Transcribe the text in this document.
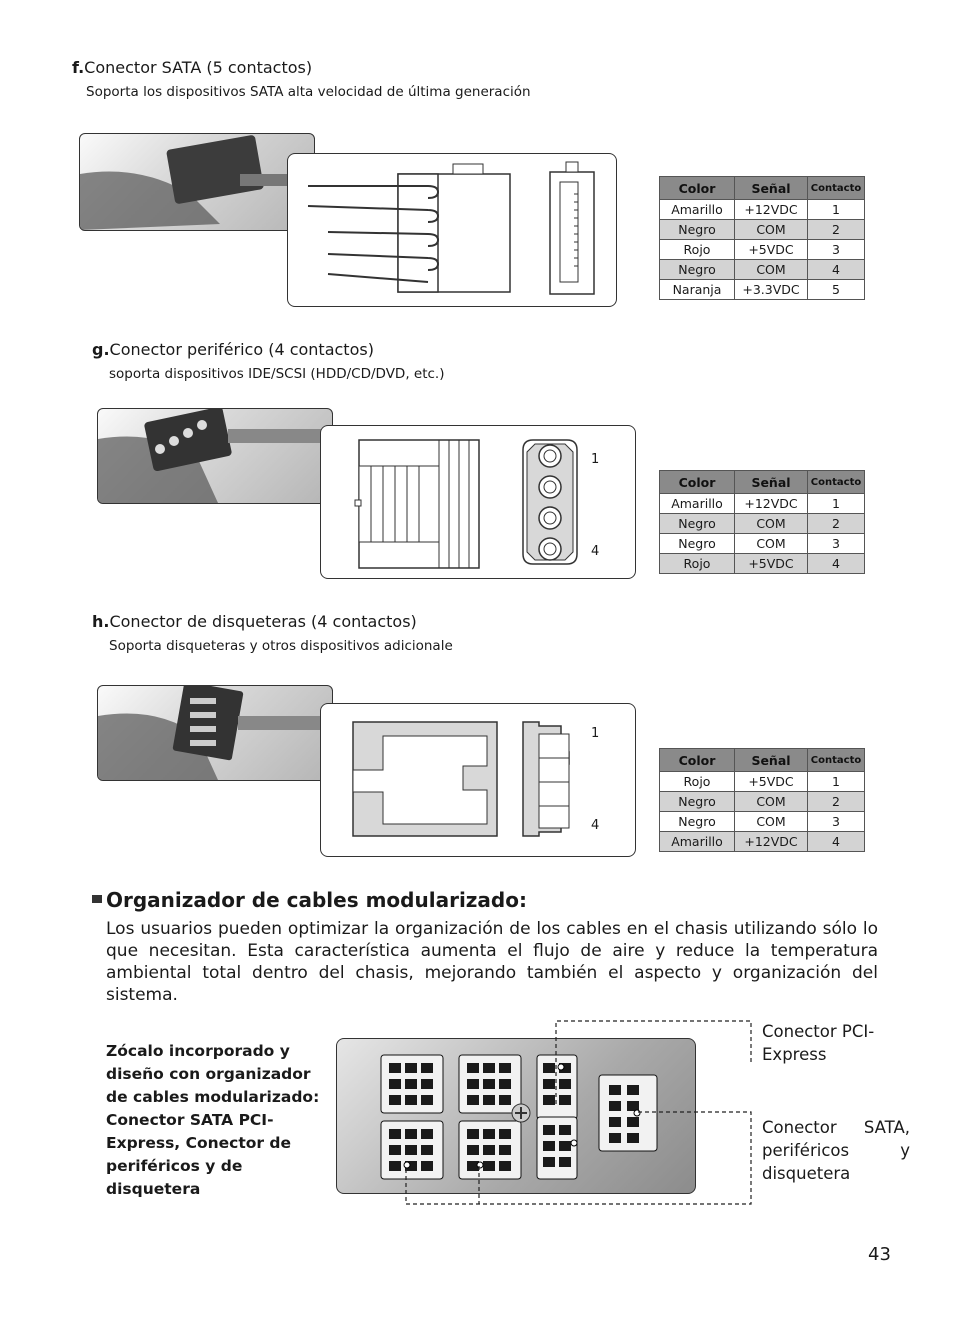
f.Conector SATA (5 contactos)
Soporta los dispositivos SATA alta velocidad de última generación
Color	Señal	Contacto
Amarillo	+12VDC	1
Negro	COM	2
Rojo	+5VDC	3
Negro	COM	4
Naranja	+3.3VDC	5
g.Conector periférico (4 contactos)
soporta dispositivos IDE/SCSI (HDD/CD/DVD, etc.)
1
4
Color	Señal	Contacto
Amarillo	+12VDC	1
Negro	COM	2
Negro	COM	3
Rojo	+5VDC	4
h.Conector de disqueteras (4 contactos)
Soporta disqueteras y otros dispositivos adicionale
1
4
Color	Señal	Contacto
Rojo	+5VDC	1
Negro	COM	2
Negro	COM	3
Amarillo	+12VDC	4
Organizador de cables modularizado:
Los usuarios pueden optimizar la organización de los cables en el chasis utilizando sólo lo que necesitan. Esta característica aumenta el flujo de aire y reduce la temperatura ambiental total dentro del chasis, mejorando también el aspecto y organización del sistema.
Zócalo incorporado y diseño con organizador de cables modularizado: Conector SATA PCI-Express, Conector de periféricos y de disquetera
Conector PCI-Express
Conector SATA, periféricos y disquetera
43
